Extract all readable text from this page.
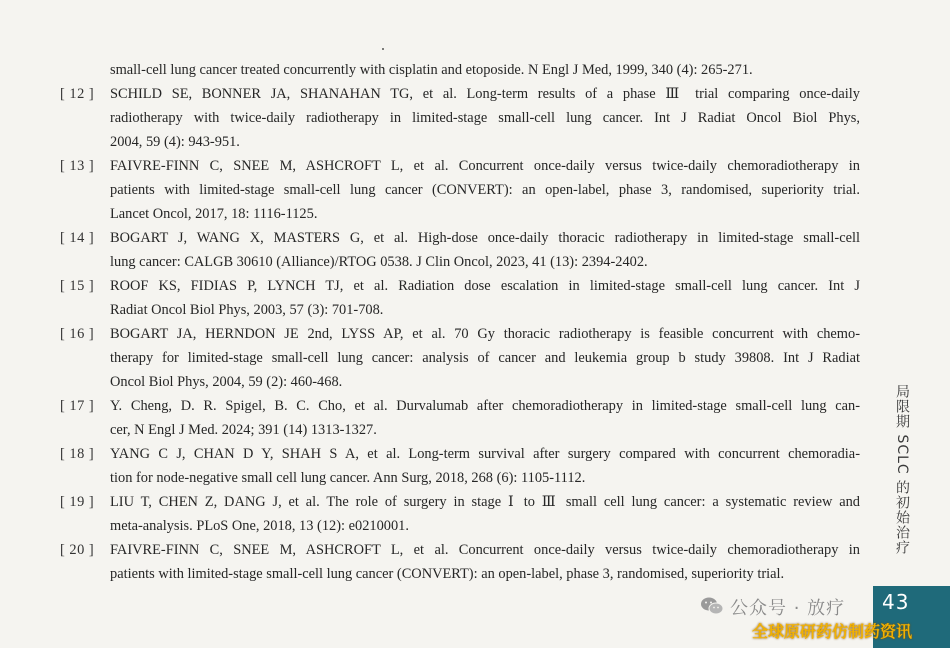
small-cell lung cancer treated concurrently with cisplatin and etoposide. N Engl J Med, 1999, 340 (4): 265-271.
[ 12 ] SCHILD SE, BONNER JA, SHANAHAN TG, et al. Long-term results of a phase Ⅲ trial comparing once-daily
radiotherapy with twice-daily radiotherapy in limited-stage small-cell lung cancer. Int J Radiat Oncol Biol Phys,
2004, 59 (4): 943-951.
[ 13 ] FAIVRE-FINN C, SNEE M, ASHCROFT L, et al. Concurrent once-daily versus twice-daily chemoradiotherapy in
patients with limited-stage small-cell lung cancer (CONVERT): an open-label, phase 3, randomised, superiority trial.
Lancet Oncol, 2017, 18: 1116-1125.
[ 14 ] BOGART J, WANG X, MASTERS G, et al. High-dose once-daily thoracic radiotherapy in limited-stage small-cell
lung cancer: CALGB 30610 (Alliance)/RTOG 0538. J Clin Oncol, 2023, 41 (13): 2394-2402.
[ 15 ] ROOF KS, FIDIAS P, LYNCH TJ, et al. Radiation dose escalation in limited-stage small-cell lung cancer. Int J
Radiat Oncol Biol Phys, 2003, 57 (3): 701-708.
[ 16 ] BOGART JA, HERNDON JE 2nd, LYSS AP, et al. 70 Gy thoracic radiotherapy is feasible concurrent with chemo-
therapy for limited-stage small-cell lung cancer: analysis of cancer and leukemia group b study 39808. Int J Radiat
Oncol Biol Phys, 2004, 59 (2): 460-468.
[ 17 ] Y. Cheng, D. R. Spigel, B. C. Cho, et al. Durvalumab after chemoradiotherapy in limited-stage small-cell lung can-
cer, N Engl J Med. 2024; 391 (14) 1313-1327.
[ 18 ] YANG C J, CHAN D Y, SHAH S A, et al. Long-term survival after surgery compared with concurrent chemoradia-
tion for node-negative small cell lung cancer. Ann Surg, 2018, 268 (6): 1105-1112.
[ 19 ] LIU T, CHEN Z, DANG J, et al. The role of surgery in stage Ⅰ to Ⅲ small cell lung cancer: a systematic review and
meta-analysis. PLoS One, 2018, 13 (12): e0210001.
[ 20 ] FAIVRE-FINN C, SNEE M, ASHCROFT L, et al. Concurrent once-daily versus twice-daily chemoradiotherapy in
patients with limited-stage small-cell lung cancer (CONVERT): an open-label, phase 3, randomised, superiority trial.
局限期 SCLC 的初始治疗
43
公众号 · 放疗
全球原研药仿制药资讯
